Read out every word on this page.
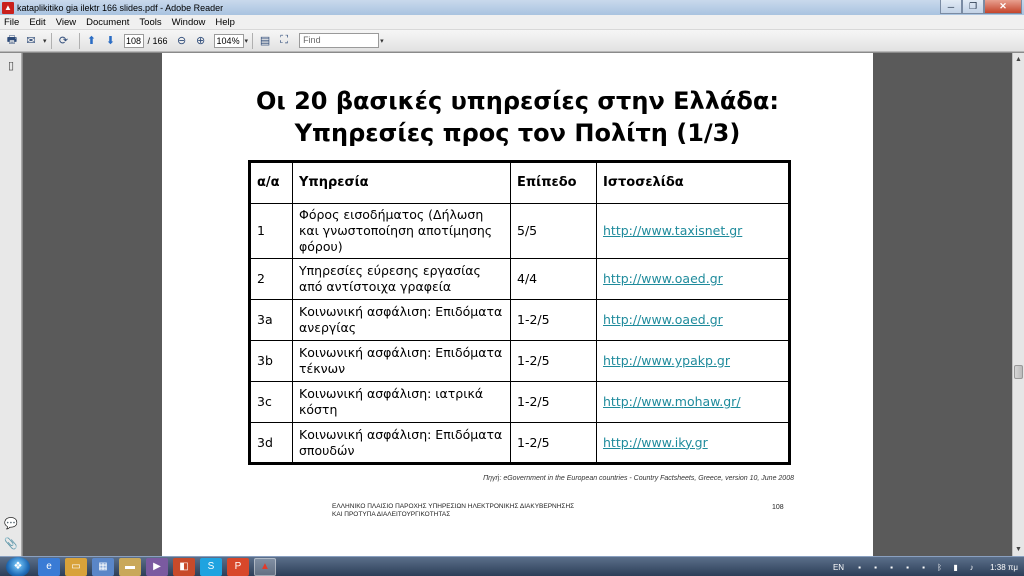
▲ kataplikitiko gia ilektr 166 slides.pdf - Adobe Reader	─	❐	✕
File Edit View Document Tools Window Help
🖶 ✉	▾	⟳	⬆ ⬇	108 / 166 ⊖ ⊕	104% ▾ ▤ ⛶	Find	▾
▯
💬
📎
Οι 20 βασικές υπηρεσίες στην Ελλάδα:
Υπηρεσίες προς τον Πολίτη (1/3)
α/α	Υπηρεσία	Επίπεδο	Ιστοσελίδα
1	Φόρος εισοδήματος (Δήλωση και γνωστοποίηση αποτίμησης φόρου)	5/5	http://www.taxisnet.gr
2	Υπηρεσίες εύρεσης εργασίας από αντίστοιχα γραφεία	4/4	http://www.oaed.gr
3a	Κοινωνική ασφάλιση: Επιδόματα ανεργίας	1-2/5	http://www.oaed.gr
3b	Κοινωνική ασφάλιση: Επιδόματα τέκνων	1-2/5	http://www.ypakp.gr
3c	Κοινωνική ασφάλιση: ιατρικά κόστη	1-2/5	http://www.mohaw.gr/
3d	Κοινωνική ασφάλιση: Επιδόματα σπουδών	1-2/5	http://www.iky.gr
Πηγή: eGovernment in the European countries - Country Factsheets, Greece, version 10, June 2008
ΕΛΛΗΝΙΚΟ ΠΛΑΙΣΙΟ ΠΑΡΟΧΗΣ ΥΠΗΡΕΣΙΩΝ ΗΛΕΚΤΡΟΝΙΚΗΣ ΔΙΑΚΥΒΕΡΝΗΣΗΣ
ΚΑΙ ΠΡΟΤΥΠΑ ΔΙΑΛΕΙΤΟΥΡΓΙΚΟΤΗΤΑΣ
108
▲
▼
❖	e	▭	▦	▬	▶	◧	S	P	▲	EN	▪	▪	▪	▪	▪	ᛒ	▮	♪	1:38 πμ
